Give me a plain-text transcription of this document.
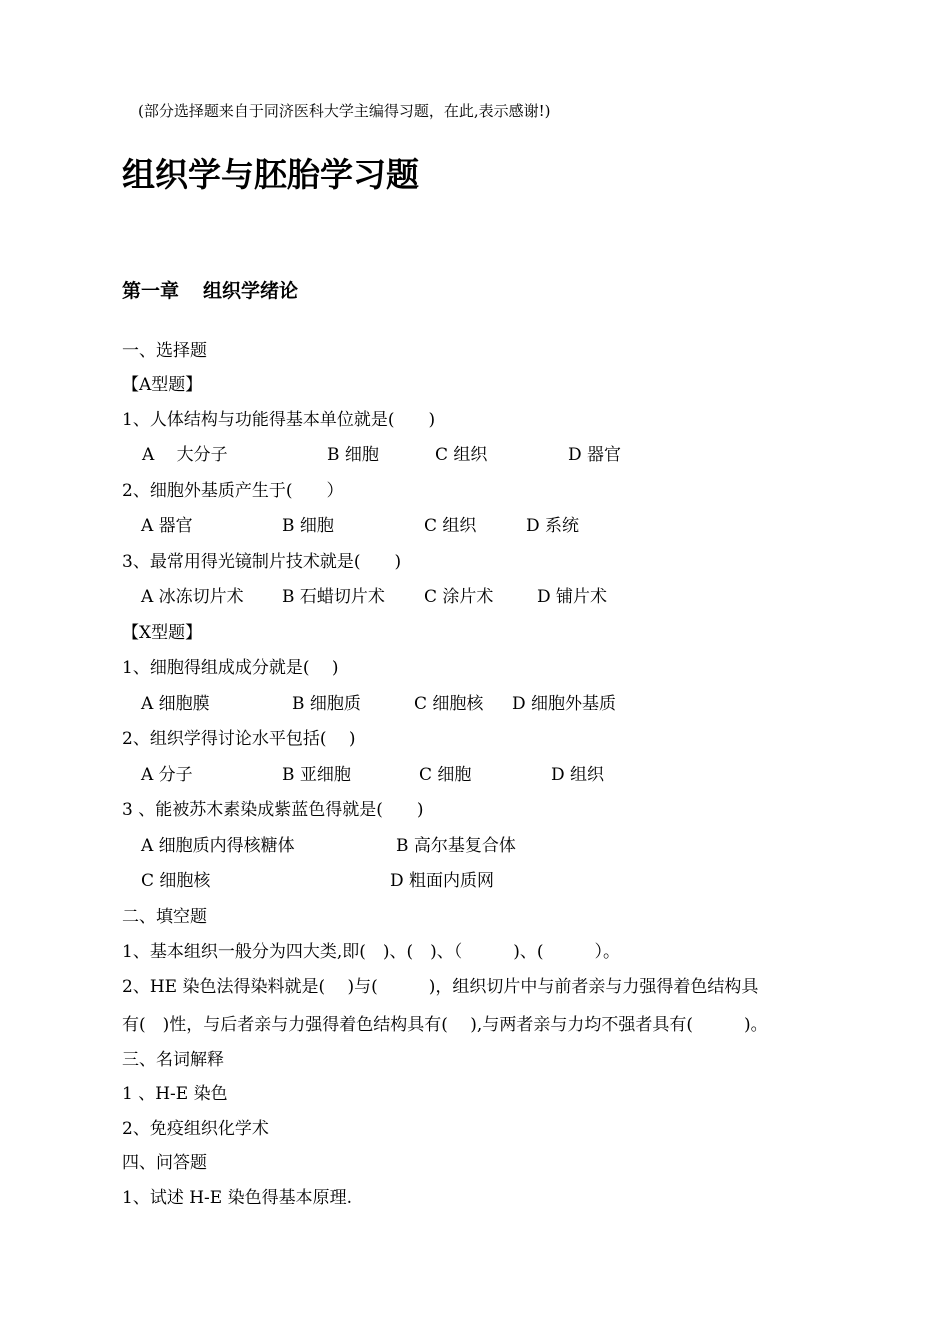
(部分选择题来自于同济医科大学主编得习题，在此,表示感谢!)
组织学与胚胎学习题
第一章 组织学绪论
一、选择题
【A型题】
1、人体结构与功能得基本单位就是(　　)
A　 大分子	B 细胞	C 组织	D 器官
2、细胞外基质产生于(　　）
A 器官	B 细胞	C 组织	D 系统
3、最常用得光镜制片技术就是(　　)
A 冰冻切片术 B 石蜡切片术 C 涂片术	D 铺片术
【X型题】
1、细胞得组成成分就是(　 )
A 细胞膜	B 细胞质	C 细胞核 D 细胞外基质
2、组织学得讨论水平包括(　 )
A 分子	B 亚细胞	C 细胞	D 组织
3 、能被苏木素染成紫蓝色得就是(　　)
A 细胞质内得核糖体	B 高尔基复合体
C 细胞核	D 粗面内质网
二、填空题
1、基本组织一般分为四大类,即(　)、(　)、（　　　)、(　　　）。
2、HE 染色法得染料就是(　 )与(　　　)，组织切片中与前者亲与力强得着色结构具
有(　)性，与后者亲与力强得着色结构具有(　 ),与两者亲与力均不强者具有(　　　)。
三、名词解释
1 、H-E 染色
2、免疫组织化学术
四、问答题
1、试述 H-E 染色得基本原理.
